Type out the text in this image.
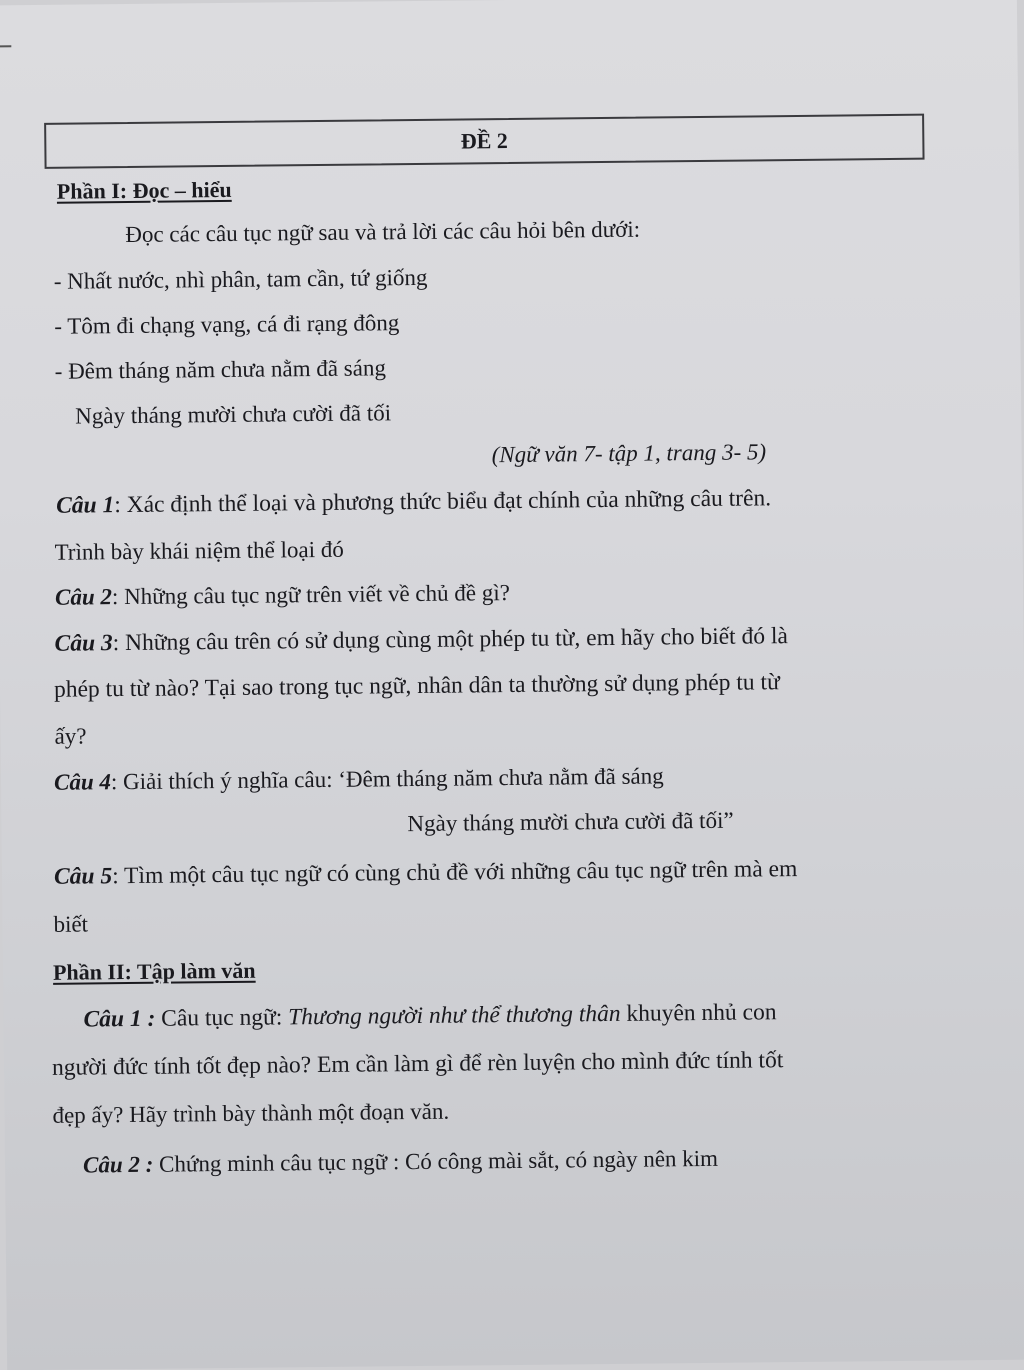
ĐỀ 2
Phần I: Đọc – hiểu
Đọc các câu tục ngữ sau và trả lời các câu hỏi bên dưới:
- Nhất nước, nhì phân, tam cần, tứ giống
- Tôm đi chạng vạng, cá đi rạng đông
- Đêm tháng năm chưa nằm đã sáng
Ngày tháng mười chưa cười đã tối
(Ngữ văn 7- tập 1, trang 3- 5)
Câu 1: Xác định thể loại và phương thức biểu đạt chính của những câu trên.
Trình bày khái niệm thể loại đó
Câu 2: Những câu tục ngữ trên viết về chủ đề gì?
Câu 3: Những câu trên có sử dụng cùng một phép tu từ, em hãy cho biết đó là
phép tu từ nào? Tại sao trong tục ngữ, nhân dân ta thường sử dụng phép tu từ
ấy?
Câu 4: Giải thích ý nghĩa câu: ‘Đêm tháng năm chưa nằm đã sáng
Ngày tháng mười chưa cười đã tối”
Câu 5: Tìm một câu tục ngữ có cùng chủ đề với những câu tục ngữ trên mà em
biết
Phần II: Tập làm văn
Câu 1 : Câu tục ngữ: Thương người như thể thương thân khuyên nhủ con
người đức tính tốt đẹp nào? Em cần làm gì để rèn luyện cho mình đức tính tốt
đẹp ấy? Hãy trình bày thành một đoạn văn.
Câu 2 : Chứng minh câu tục ngữ : Có công mài sắt, có ngày nên kim
